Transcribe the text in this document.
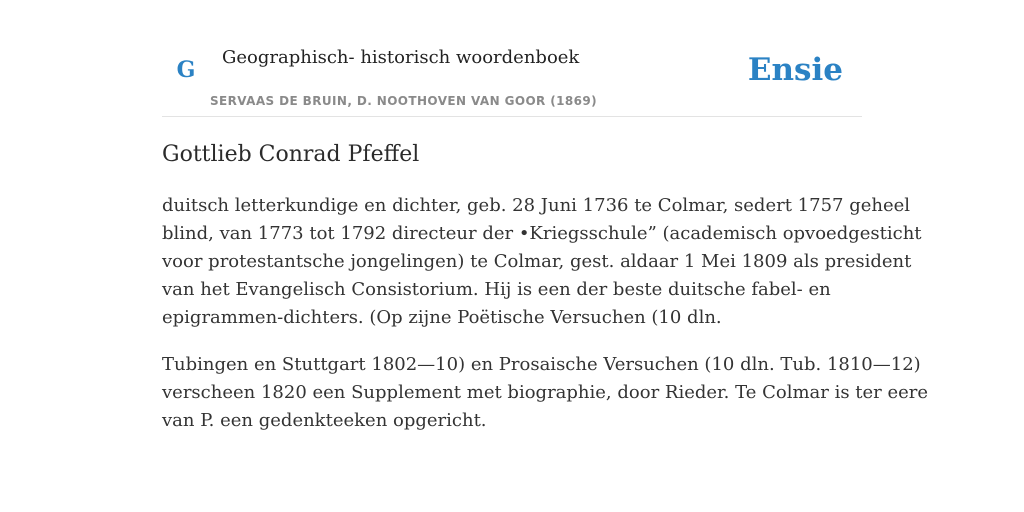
G Geographisch- historisch woordenboek
SERVAAS DE BRUIN, D. NOOTHOVEN VAN GOOR (1869)
Ensie
Gottlieb Conrad Pfeffel

duitsch letterkundige en dichter, geb. 28 Juni 1736 te Colmar, sedert 1757 geheel
blind, van 1773 tot 1792 directeur der •Kriegsschule” (academisch opvoedgesticht
voor protestantsche jongelingen) te Colmar, gest. aldaar 1 Mei 1809 als president
van het Evangelisch Consistorium. Hij is een der beste duitsche fabel- en
epigrammen-dichters. (Op zijne Poëtische Versuchen (10 dln.

Tubingen en Stuttgart 1802—10) en Prosaische Versuchen (10 dln. Tub. 1810—12)
verscheen 1820 een Supplement met biographie, door Rieder. Te Colmar is ter eere
van P. een gedenkteeken opgericht.
